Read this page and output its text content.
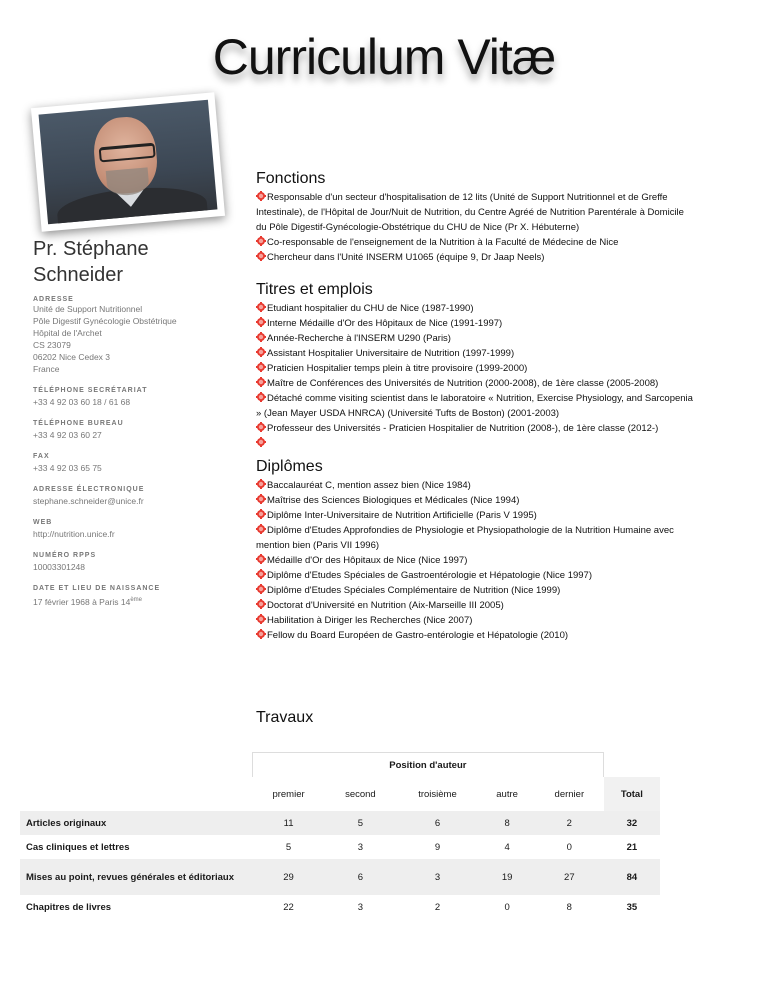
Curriculum Vitæ
Pr. Stéphane
Schneider
ADRESSE
Unité de Support Nutritionnel
Pôle Digestif Gynécologie Obstétrique
Hôpital de l'Archet
CS 23079
06202 Nice Cedex 3
France
TÉLÉPHONE SECRÉTARIAT
+33 4 92 03 60 18 / 61 68
TÉLÉPHONE BUREAU
+33 4 92 03 60 27
FAX
+33 4 92 03 65 75
ADRESSE ÉLECTRONIQUE
stephane.schneider@unice.fr
WEB
http://nutrition.unice.fr
NUMÉRO RPPS
10003301248
DATE ET LIEU DE NAISSANCE
17 février 1968 à Paris 14ème
Fonctions
Responsable d'un secteur d'hospitalisation de 12 lits (Unité de Support Nutritionnel et de Greffe Intestinale), de l'Hôpital de Jour/Nuit de Nutrition, du Centre Agréé de Nutrition Parentérale à Domicile du Pôle Digestif-Gynécologie-Obstétrique du CHU de Nice (Pr X. Hébuterne)
Co-responsable de l'enseignement de la Nutrition à la Faculté de Médecine de Nice
Chercheur dans l'Unité INSERM U1065 (équipe 9, Dr Jaap Neels)
Titres et emplois
Etudiant hospitalier du CHU de Nice (1987-1990)
Interne Médaille d'Or des Hôpitaux de Nice (1991-1997)
Année-Recherche à l'INSERM U290 (Paris)
Assistant Hospitalier Universitaire de Nutrition (1997-1999)
Praticien Hospitalier temps plein à titre provisoire (1999-2000)
Maître de Conférences des Universités de Nutrition (2000-2008), de 1ère classe (2005-2008)
Détaché comme visiting scientist dans le laboratoire « Nutrition, Exercise Physiology, and Sarcopenia » (Jean Mayer USDA HNRCA) (Université Tufts de Boston) (2001-2003)
Professeur des Universités - Praticien Hospitalier de Nutrition (2008-), de 1ère classe (2012-)
Diplômes
Baccalauréat C, mention assez bien (Nice 1984)
Maîtrise des Sciences Biologiques et Médicales (Nice 1994)
Diplôme Inter-Universitaire de Nutrition Artificielle (Paris V 1995)
Diplôme d'Etudes Approfondies de Physiologie et Physiopathologie de la Nutrition Humaine avec mention bien (Paris VII 1996)
Médaille d'Or des Hôpitaux de Nice (Nice 1997)
Diplôme d'Etudes Spéciales de Gastroentérologie et Hépatologie (Nice 1997)
Diplôme d'Etudes Spéciales Complémentaire de Nutrition (Nice 1999)
Doctorat d'Université en Nutrition (Aix-Marseille III 2005)
Habilitation à Diriger les Recherches (Nice 2007)
Fellow du Board Européen de Gastro-entérologie et Hépatologie (2010)
Travaux
	Position d'auteur					
	premier	second	troisième	autre	dernier	Total
Articles originaux	11	5	6	8	2	32
Cas cliniques et lettres	5	3	9	4	0	21
Mises au point, revues générales et éditoriaux	29	6	3	19	27	84
Chapitres de livres	22	3	2	0	8	35
